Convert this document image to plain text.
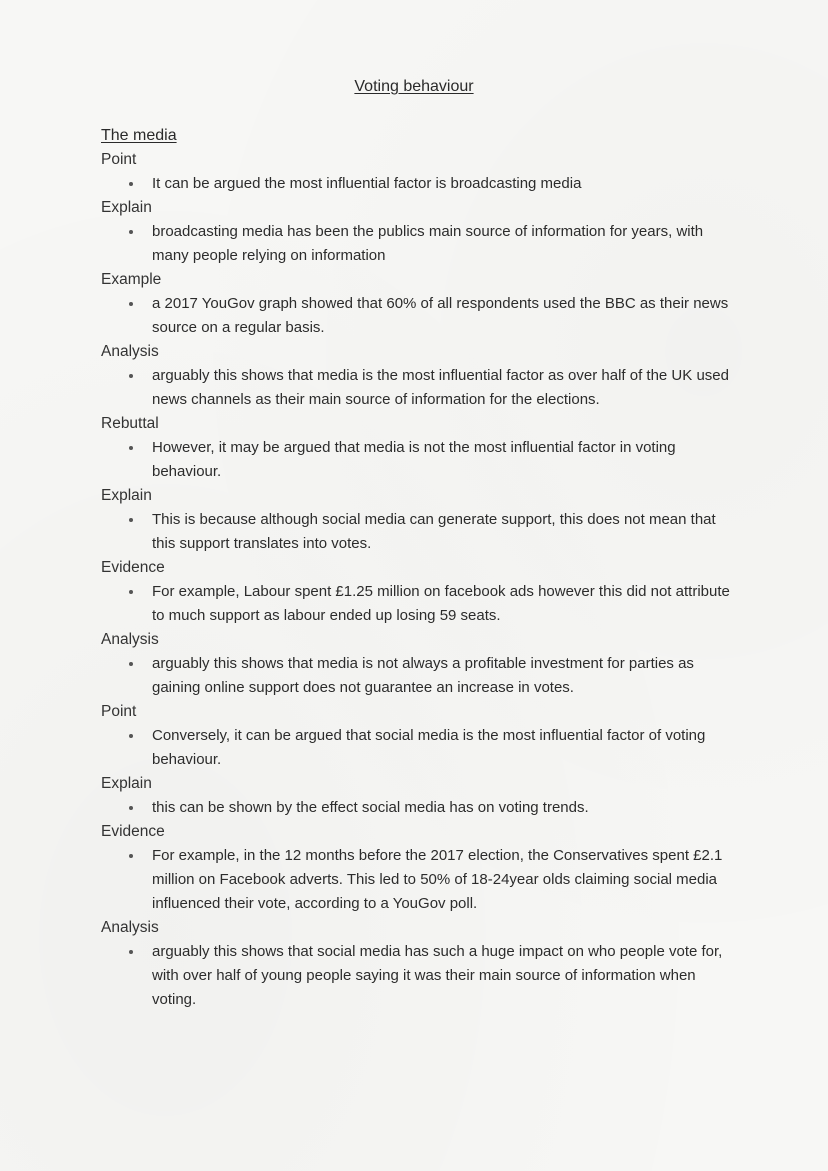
Voting behaviour
The media
Point
It can be argued the most influential factor is broadcasting media
Explain
broadcasting media has been the publics main source of information for years, with many people relying on information
Example
a 2017 YouGov graph showed that 60% of all respondents used the BBC as their news source on a regular basis.
Analysis
arguably this shows that media is the most influential factor as over half of the UK used news channels as their main source of information for the elections.
Rebuttal
However, it may be argued that media is not the most influential factor in voting behaviour.
Explain
This is because although social media can generate support, this does not mean that this support translates into votes.
Evidence
For example, Labour spent £1.25 million on facebook ads however this did not attribute to much support as labour ended up losing 59 seats.
Analysis
arguably this shows that media is not always a profitable investment for parties as gaining online support does not guarantee an increase in votes.
Point
Conversely, it can be argued that social media is the most influential factor of voting behaviour.
Explain
this can be shown by the effect social media has on voting trends.
Evidence
For example, in the 12 months before the 2017 election, the Conservatives spent £2.1 million on Facebook adverts. This led to 50% of 18-24year olds claiming social media influenced their vote, according to a YouGov poll.
Analysis
arguably this shows that social media has such a huge impact on who people vote for, with over half of young people saying it was their main source of information when voting.
